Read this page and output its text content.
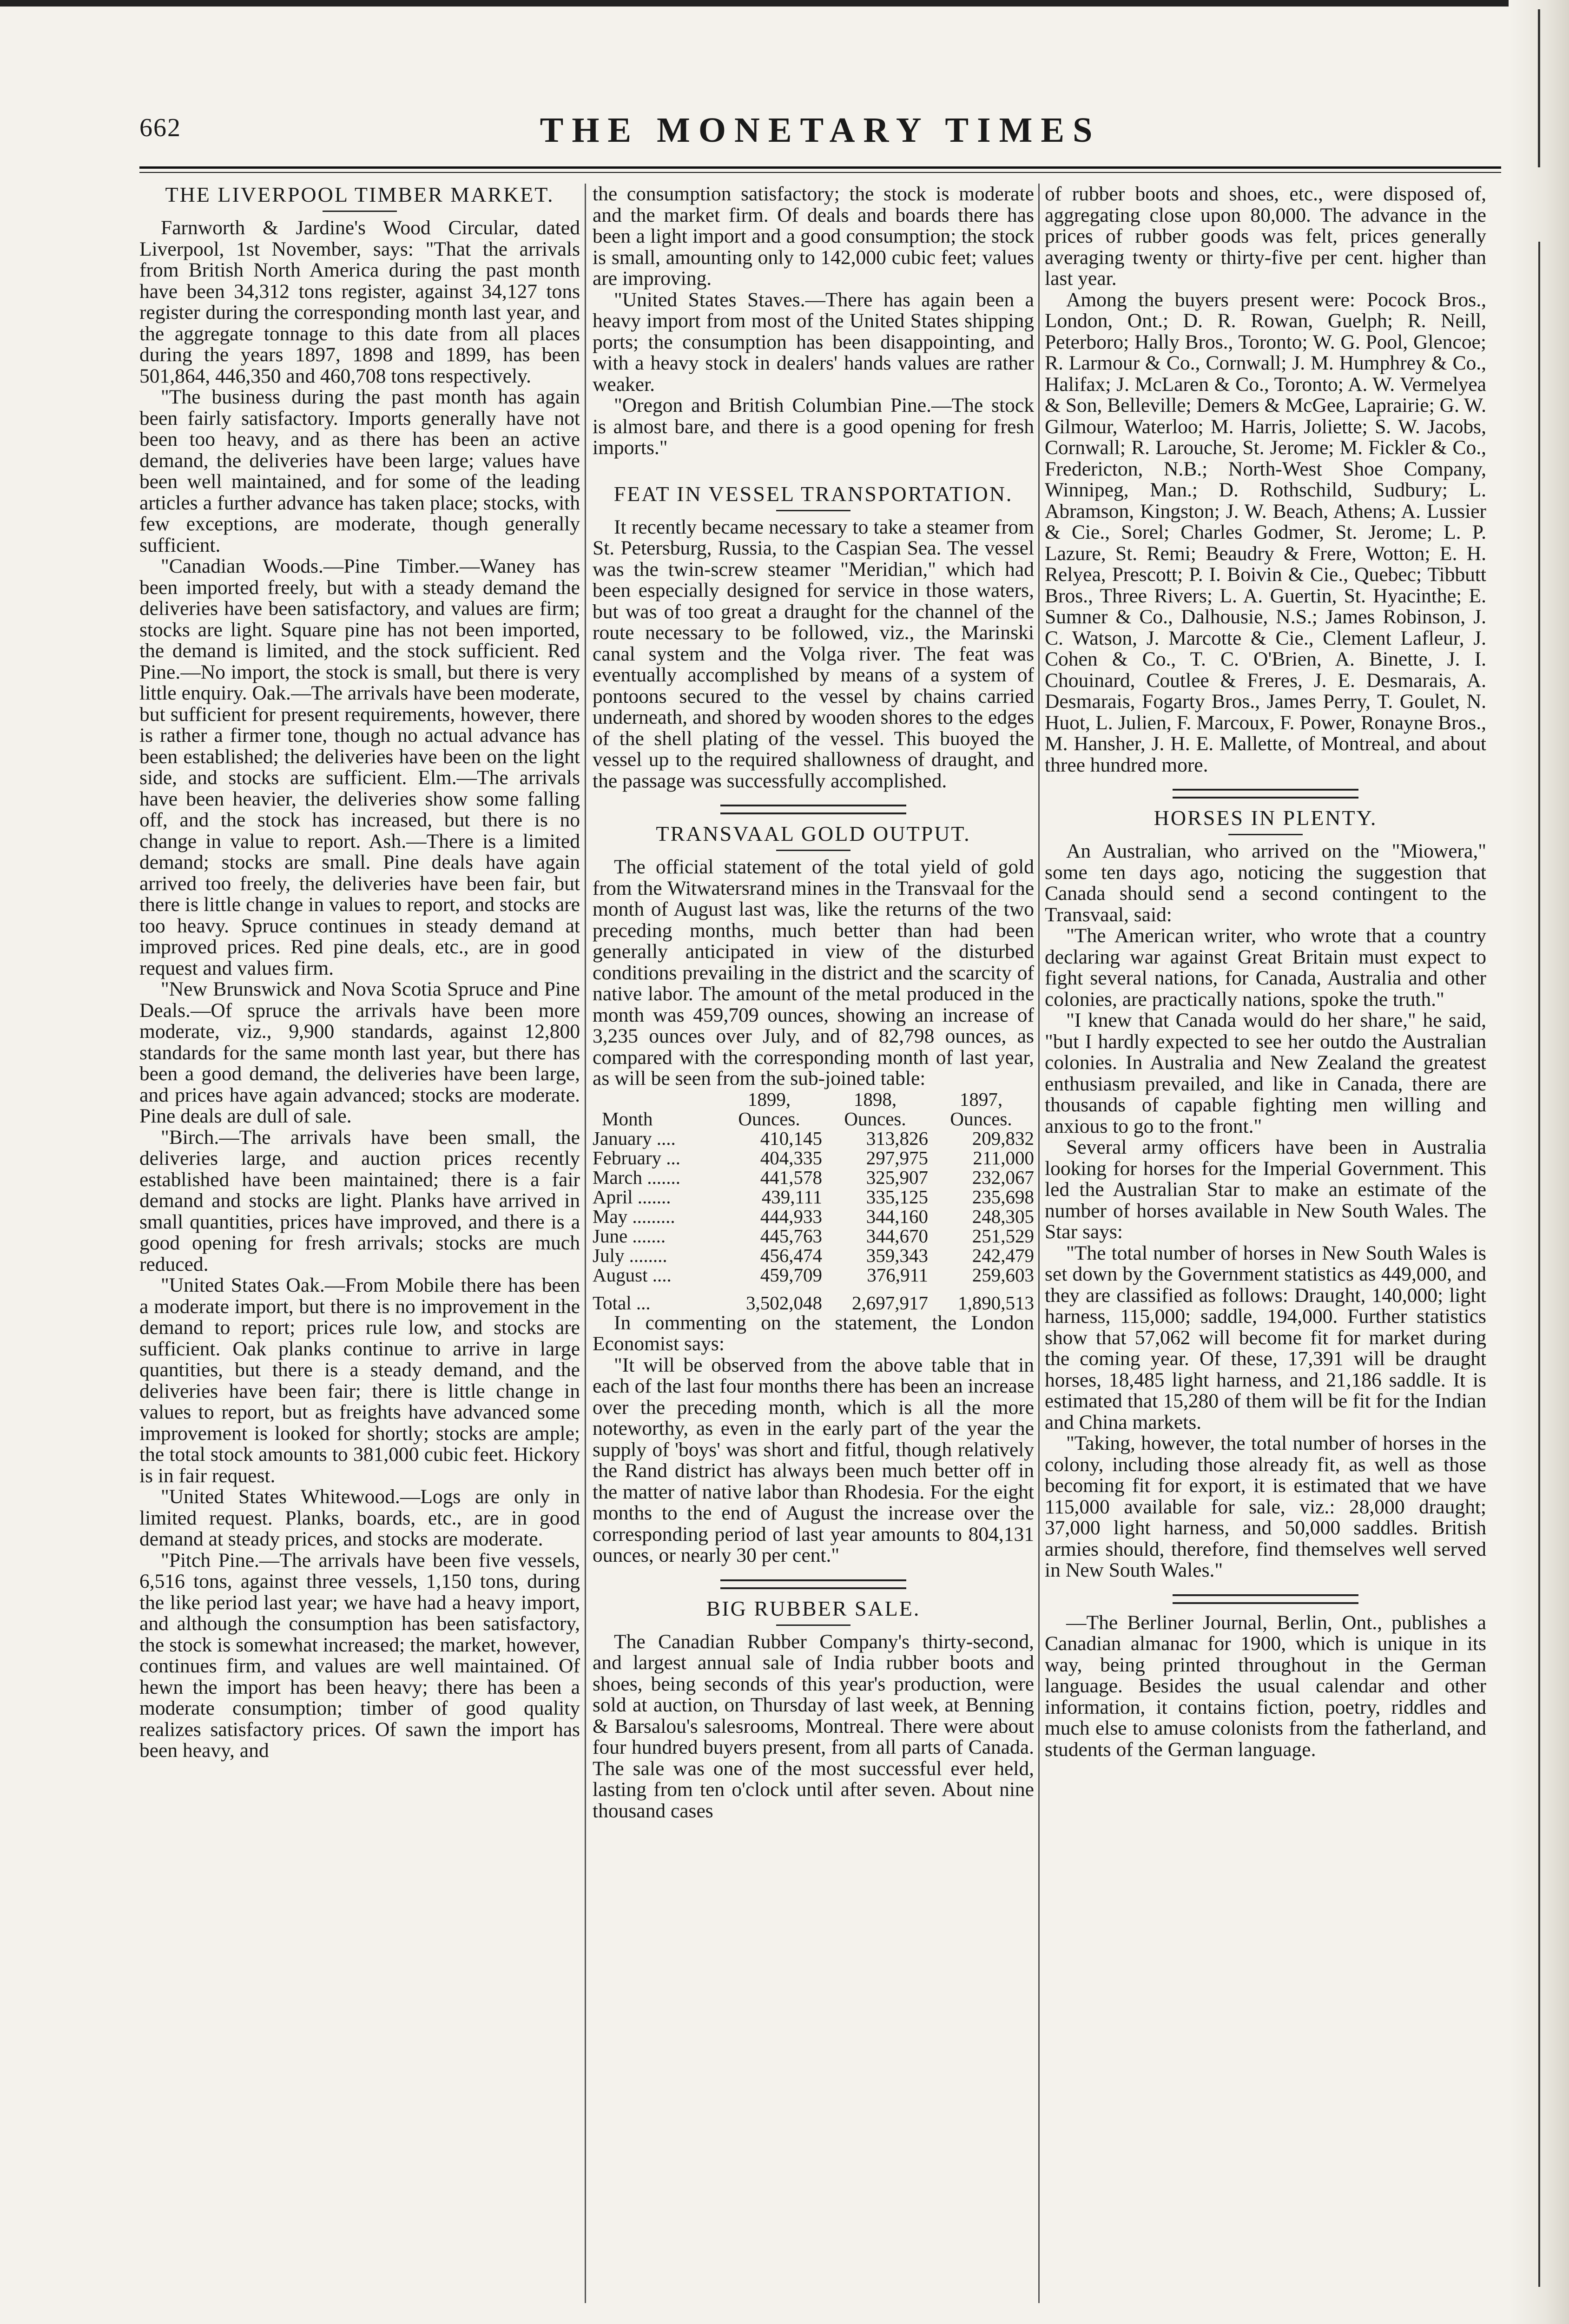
662	THE MONETARY TIMES
THE LIVERPOOL TIMBER MARKET.

Farnworth & Jardine's Wood Circular, dated Liverpool, 1st November, says: "That the arrivals from British North America during the past month have been 34,312 tons register, against 34,127 tons register during the corresponding month last year, and the aggregate tonnage to this date from all places during the years 1897, 1898 and 1899, has been 501,864, 446,350 and 460,708 tons respectively.

"The business during the past month has again been fairly satisfactory. Imports generally have not been too heavy, and as there has been an active demand, the deliveries have been large; values have been well maintained, and for some of the leading articles a further advance has taken place; stocks, with few exceptions, are moderate, though generally sufficient.

"Canadian Woods.—Pine Timber.—Waney has been imported freely, but with a steady demand the deliveries have been satisfactory, and values are firm; stocks are light. Square pine has not been imported, the demand is limited, and the stock sufficient. Red Pine.—No import, the stock is small, but there is very little enquiry. Oak.—The arrivals have been moderate, but sufficient for present requirements, however, there is rather a firmer tone, though no actual advance has been established; the deliveries have been on the light side, and stocks are sufficient. Elm.—The arrivals have been heavier, the deliveries show some falling off, and the stock has increased, but there is no change in value to report. Ash.—There is a limited demand; stocks are small. Pine deals have again arrived too freely, the deliveries have been fair, but there is little change in values to report, and stocks are too heavy. Spruce continues in steady demand at improved prices. Red pine deals, etc., are in good request and values firm.

"New Brunswick and Nova Scotia Spruce and Pine Deals.—Of spruce the arrivals have been more moderate, viz., 9,900 standards, against 12,800 standards for the same month last year, but there has been a good demand, the deliveries have been large, and prices have again advanced; stocks are moderate. Pine deals are dull of sale.

"Birch.—The arrivals have been small, the deliveries large, and auction prices recently established have been maintained; there is a fair demand and stocks are light. Planks have arrived in small quantities, prices have improved, and there is a good opening for fresh arrivals; stocks are much reduced.

"United States Oak.—From Mobile there has been a moderate import, but there is no improvement in the demand to report; prices rule low, and stocks are sufficient. Oak planks continue to arrive in large quantities, but there is a steady demand, and the deliveries have been fair; there is little change in values to report, but as freights have advanced some improvement is looked for shortly; stocks are ample; the total stock amounts to 381,000 cubic feet. Hickory is in fair request.

"United States Whitewood.—Logs are only in limited request. Planks, boards, etc., are in good demand at steady prices, and stocks are moderate.

"Pitch Pine.—The arrivals have been five vessels, 6,516 tons, against three vessels, 1,150 tons, during the like period last year; we have had a heavy import, and although the consumption has been satisfactory, the stock is somewhat increased; the market, however, continues firm, and values are well maintained. Of hewn the import has been heavy; there has been a moderate consumption; timber of good quality realizes satisfactory prices. Of sawn the import has been heavy, and

the consumption satisfactory; the stock is moderate and the market firm. Of deals and boards there has been a light import and a good consumption; the stock is small, amounting only to 142,000 cubic feet; values are improving.

"United States Staves.—There has again been a heavy import from most of the United States shipping ports; the consumption has been disappointing, and with a heavy stock in dealers' hands values are rather weaker.

"Oregon and British Columbian Pine.—The stock is almost bare, and there is a good opening for fresh imports."

FEAT IN VESSEL TRANSPORTATION.

It recently became necessary to take a steamer from St. Petersburg, Russia, to the Caspian Sea. The vessel was the twin-screw steamer "Meridian," which had been especially designed for service in those waters, but was of too great a draught for the channel of the route necessary to be followed, viz., the Marinski canal system and the Volga river. The feat was eventually accomplished by means of a system of pontoons secured to the vessel by chains carried underneath, and shored by wooden shores to the edges of the shell plating of the vessel. This buoyed the vessel up to the required shallowness of draught, and the passage was successfully accomplished.

TRANSVAAL GOLD OUTPUT.

The official statement of the total yield of gold from the Witwatersrand mines in the Transvaal for the month of August last was, like the returns of the two preceding months, much better than had been generally anticipated in view of the disturbed conditions prevailing in the district and the scarcity of native labor. The amount of the metal produced in the month was 459,709 ounces, showing an increase of 3,235 ounces over July, and of 82,798 ounces, as compared with the corresponding month of last year, as will be seen from the sub-joined table:

	1899,	1898,	1897,
Month	Ounces.	Ounces.	Ounces.
January ....	410,145	313,826	209,832
February ...	404,335	297,975	211,000
March .......	441,578	325,907	232,067
April .......	439,111	335,125	235,698
May .........	444,933	344,160	248,305
June .......	445,763	344,670	251,529
July ........	456,474	359,343	242,479
August ....	459,709	376,911	259,603
Total ...	3,502,048	2,697,917	1,890,513

In commenting on the statement, the London Economist says:

"It will be observed from the above table that in each of the last four months there has been an increase over the preceding month, which is all the more noteworthy, as even in the early part of the year the supply of 'boys' was short and fitful, though relatively the Rand district has always been much better off in the matter of native labor than Rhodesia. For the eight months to the end of August the increase over the corresponding period of last year amounts to 804,131 ounces, or nearly 30 per cent."

BIG RUBBER SALE.

The Canadian Rubber Company's thirty-second, and largest annual sale of India rubber boots and shoes, being seconds of this year's production, were sold at auction, on Thursday of last week, at Benning & Barsalou's salesrooms, Montreal. There were about four hundred buyers present, from all parts of Canada. The sale was one of the most successful ever held, lasting from ten o'clock until after seven. About nine thousand cases

of rubber boots and shoes, etc., were disposed of, aggregating close upon 80,000. The advance in the prices of rubber goods was felt, prices generally averaging twenty or thirty-five per cent. higher than last year.

Among the buyers present were: Pocock Bros., London, Ont.; D. R. Rowan, Guelph; R. Neill, Peterboro; Hally Bros., Toronto; W. G. Pool, Glencoe; R. Larmour & Co., Cornwall; J. M. Humphrey & Co., Halifax; J. McLaren & Co., Toronto; A. W. Vermelyea & Son, Belleville; Demers & McGee, Laprairie; G. W. Gilmour, Waterloo; M. Harris, Joliette; S. W. Jacobs, Cornwall; R. Larouche, St. Jerome; M. Fickler & Co., Fredericton, N.B.; North-West Shoe Company, Winnipeg, Man.; D. Rothschild, Sudbury; L. Abramson, Kingston; J. W. Beach, Athens; A. Lussier & Cie., Sorel; Charles Godmer, St. Jerome; L. P. Lazure, St. Remi; Beaudry & Frere, Wotton; E. H. Relyea, Prescott; P. I. Boivin & Cie., Quebec; Tibbutt Bros., Three Rivers; L. A. Guertin, St. Hyacinthe; E. Sumner & Co., Dalhousie, N.S.; James Robinson, J. C. Watson, J. Marcotte & Cie., Clement Lafleur, J. Cohen & Co., T. C. O'Brien, A. Binette, J. I. Chouinard, Coutlee & Freres, J. E. Desmarais, A. Desmarais, Fogarty Bros., James Perry, T. Goulet, N. Huot, L. Julien, F. Marcoux, F. Power, Ronayne Bros., M. Hansher, J. H. E. Mallette, of Montreal, and about three hundred more.

HORSES IN PLENTY.

An Australian, who arrived on the "Miowera," some ten days ago, noticing the suggestion that Canada should send a second contingent to the Transvaal, said:

"The American writer, who wrote that a country declaring war against Great Britain must expect to fight several nations, for Canada, Australia and other colonies, are practically nations, spoke the truth."

"I knew that Canada would do her share," he said, "but I hardly expected to see her outdo the Australian colonies. In Australia and New Zealand the greatest enthusiasm prevailed, and like in Canada, there are thousands of capable fighting men willing and anxious to go to the front."

Several army officers have been in Australia looking for horses for the Imperial Government. This led the Australian Star to make an estimate of the number of horses available in New South Wales. The Star says:

"The total number of horses in New South Wales is set down by the Government statistics as 449,000, and they are classified as follows: Draught, 140,000; light harness, 115,000; saddle, 194,000. Further statistics show that 57,062 will become fit for market during the coming year. Of these, 17,391 will be draught horses, 18,485 light harness, and 21,186 saddle. It is estimated that 15,280 of them will be fit for the Indian and China markets.

"Taking, however, the total number of horses in the colony, including those already fit, as well as those becoming fit for export, it is estimated that we have 115,000 available for sale, viz.: 28,000 draught; 37,000 light harness, and 50,000 saddles. British armies should, therefore, find themselves well served in New South Wales."

—The Berliner Journal, Berlin, Ont., publishes a Canadian almanac for 1900, which is unique in its way, being printed throughout in the German language. Besides the usual calendar and other information, it contains fiction, poetry, riddles and much else to amuse colonists from the fatherland, and students of the German language.
